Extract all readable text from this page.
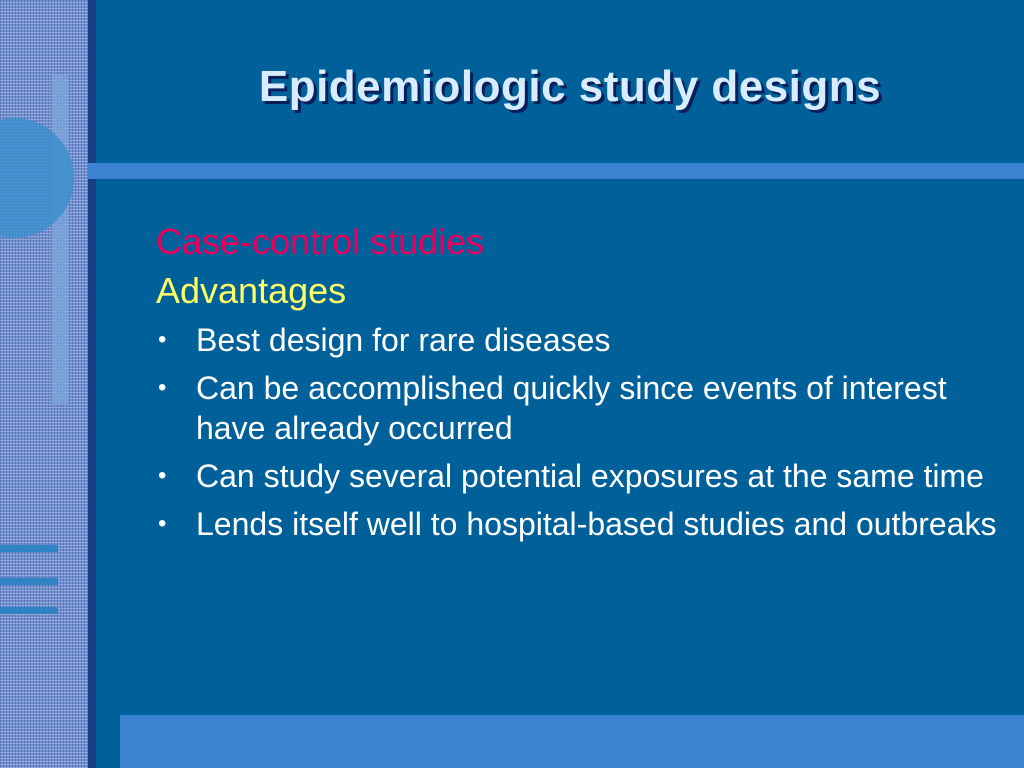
Epidemiologic study designs

Case-control studies

Advantages

• Best design for rare diseases
• Can be accomplished quickly since events of interest have already occurred
• Can study several potential exposures at the same time
• Lends itself well to hospital-based studies and outbreaks
